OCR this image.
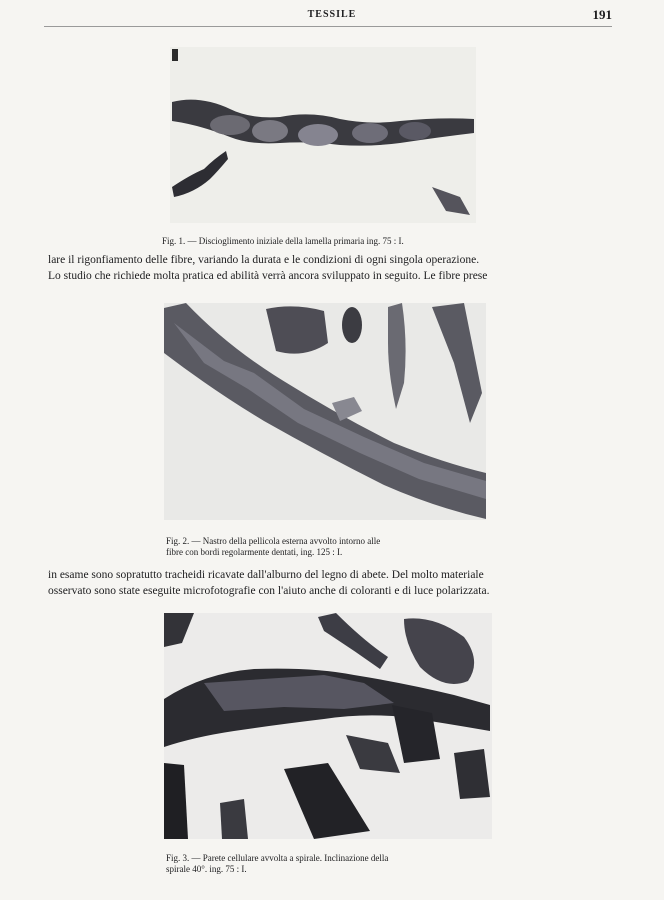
TESSILE	191
Fig. 1. — Discioglimento iniziale della lamella primaria ing. 75 : I.
lare il rigonfiamento delle fibre, variando la durata e le condizioni di ogni singola operazione.
Lo studio che richiede molta pratica ed abilità verrà ancora sviluppato in seguito. Le fibre prese
Fig. 2. — Nastro della pellicola esterna avvolto intorno alle
fibre con bordi regolarmente dentati, ing. 125 : I.
in esame sono sopratutto tracheidi ricavate dall'alburno del legno di abete. Del molto materiale
osservato sono state eseguite microfotografie con l'aiuto anche di coloranti e di luce polarizzata.
Fig. 3. — Parete cellulare avvolta a spirale. Inclinazione della
spirale 40°. ing. 75 : I.
